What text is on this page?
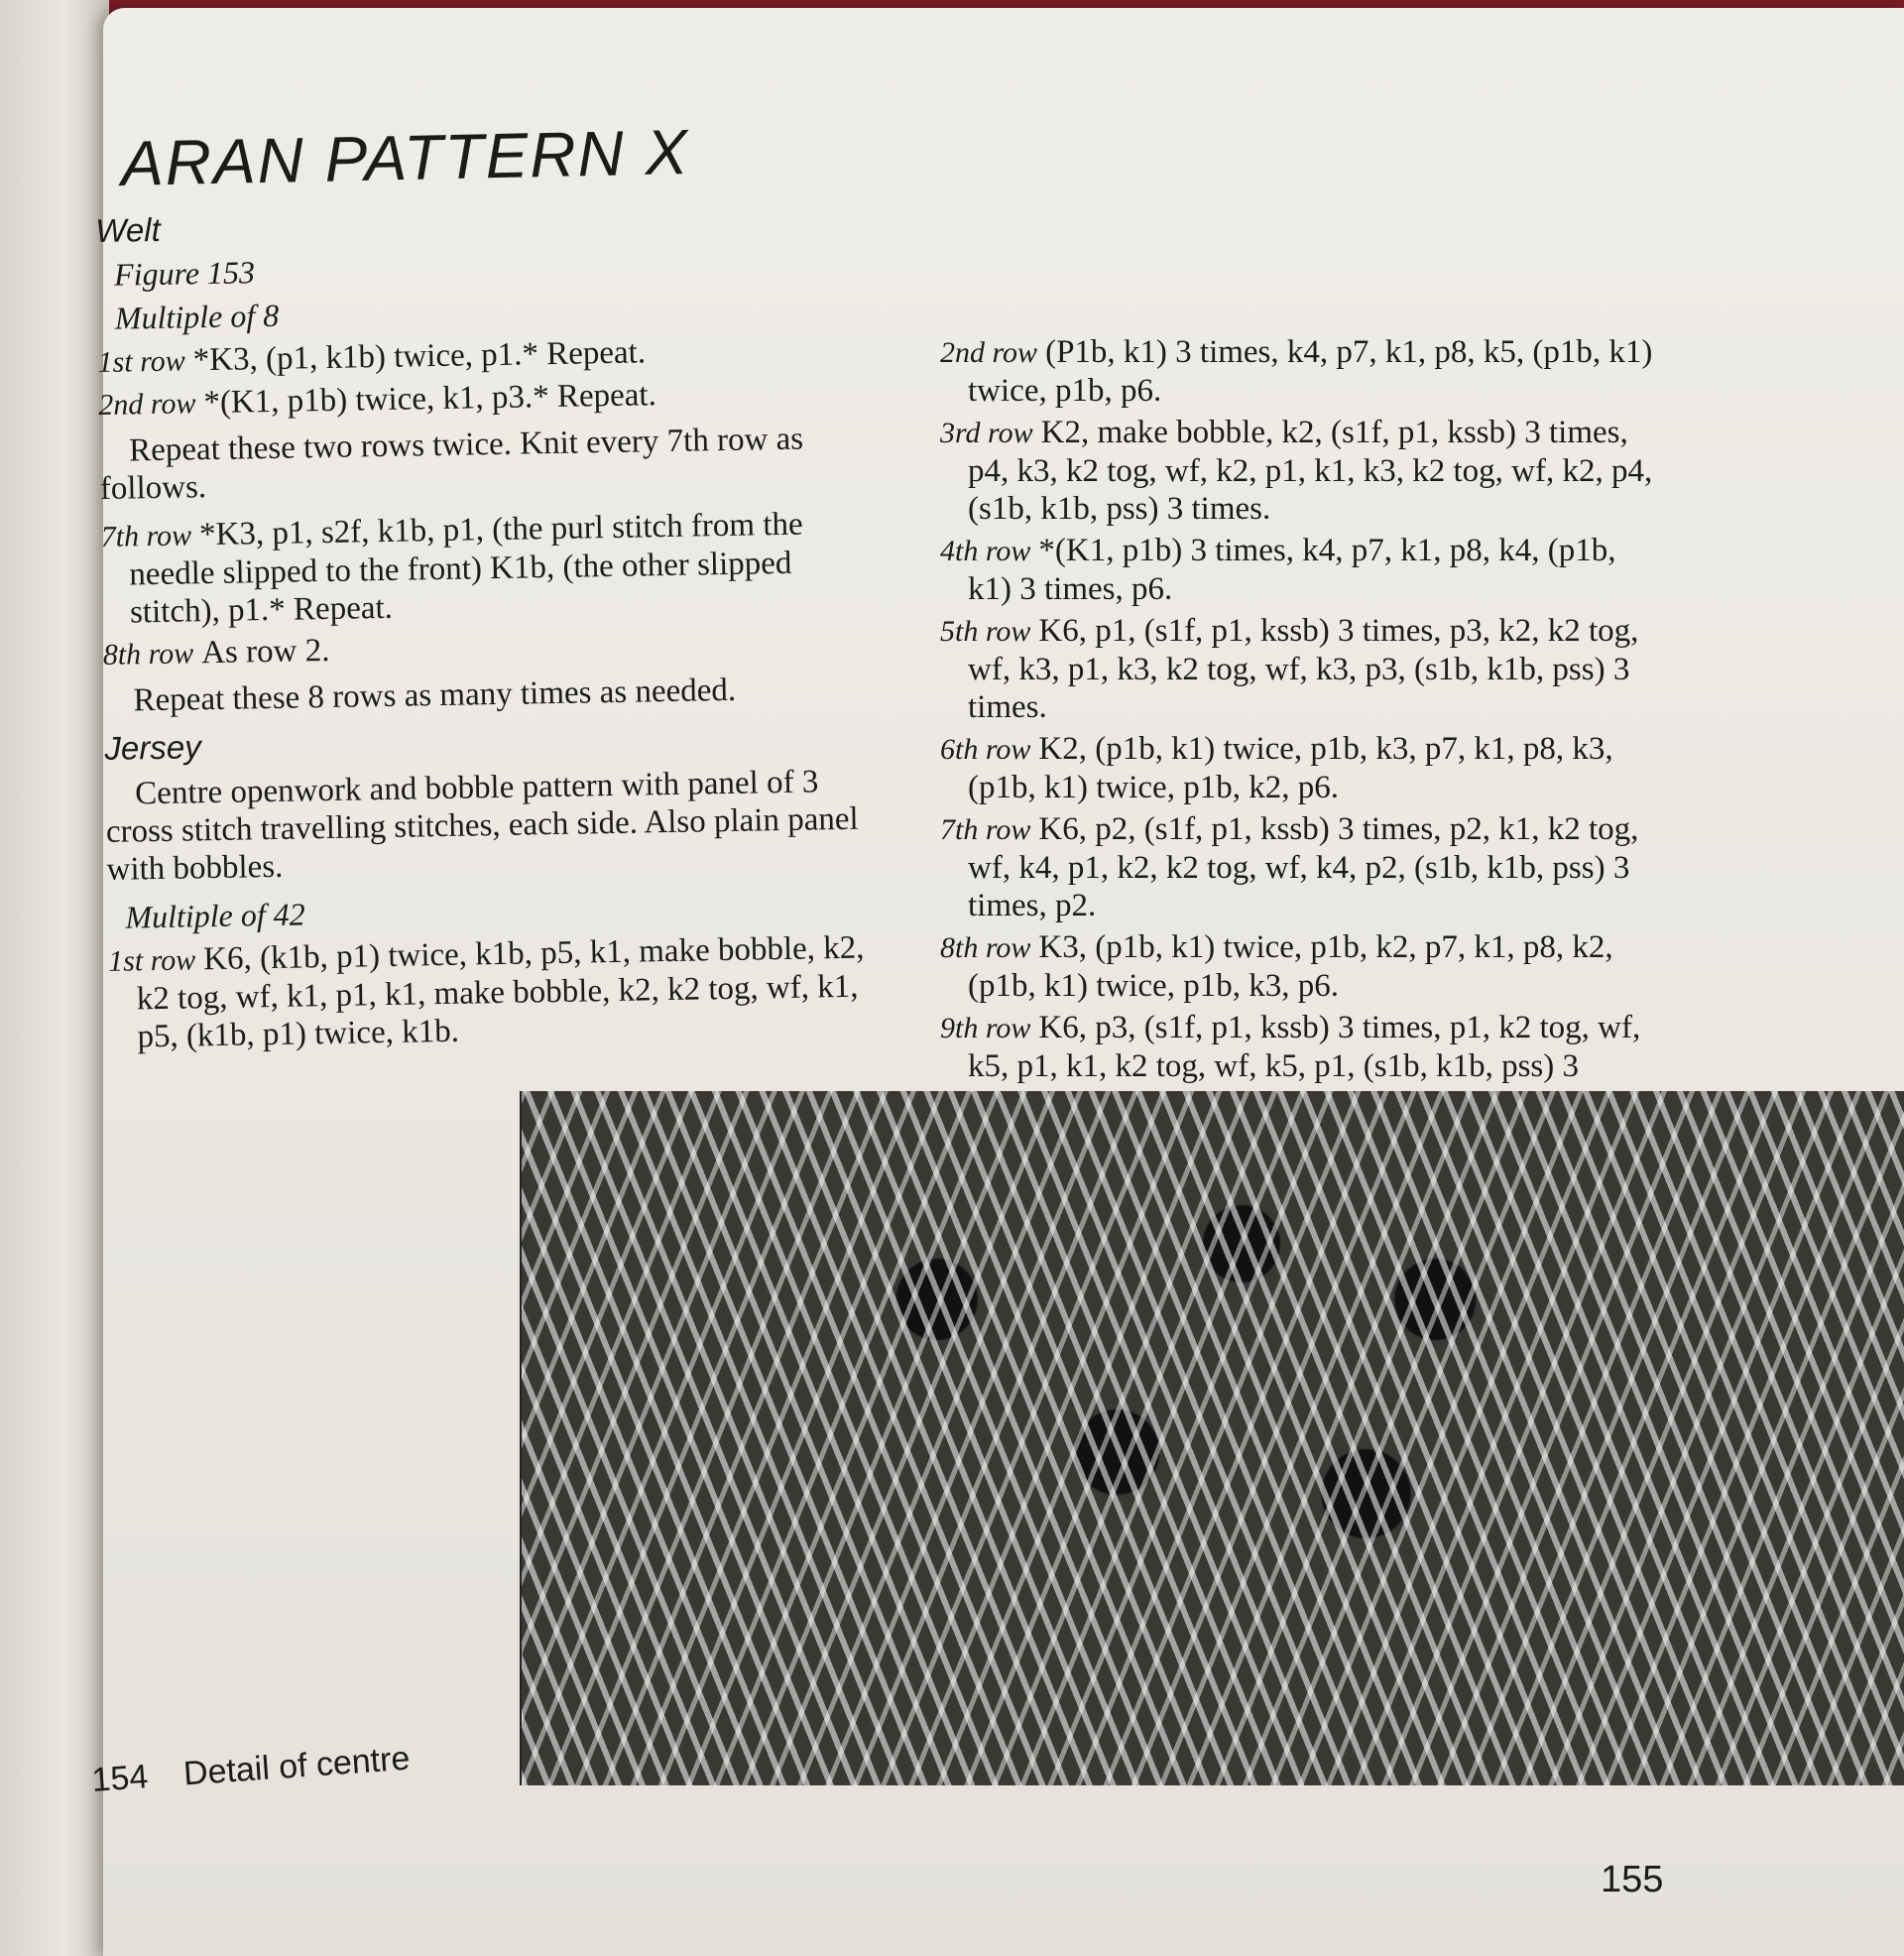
ARAN PATTERN X
Welt
Figure 153
Multiple of 8
1st row *K3, (p1, k1b) twice, p1.* Repeat.
2nd row *(K1, p1b) twice, k1, p3.* Repeat.
Repeat these two rows twice. Knit every 7th row as follows.
7th row *K3, p1, s2f, k1b, p1, (the purl stitch from the needle slipped to the front) K1b, (the other slipped stitch), p1.* Repeat.
8th row As row 2.
Repeat these 8 rows as many times as needed.
Jersey
Centre openwork and bobble pattern with panel of 3 cross stitch travelling stitches, each side. Also plain panel with bobbles.
Multiple of 42
1st row K6, (k1b, p1) twice, k1b, p5, k1, make bobble, k2, k2 tog, wf, k1, p1, k1, make bobble, k2, k2 tog, wf, k1, p5, (k1b, p1) twice, k1b.
2nd row (P1b, k1) 3 times, k4, p7, k1, p8, k5, (p1b, k1) twice, p1b, p6.
3rd row K2, make bobble, k2, (s1f, p1, kssb) 3 times, p4, k3, k2 tog, wf, k2, p1, k1, k3, k2 tog, wf, k2, p4, (s1b, k1b, pss) 3 times.
4th row *(K1, p1b) 3 times, k4, p7, k1, p8, k4, (p1b, k1) 3 times, p6.
5th row K6, p1, (s1f, p1, kssb) 3 times, p3, k2, k2 tog, wf, k3, p1, k3, k2 tog, wf, k3, p3, (s1b, k1b, pss) 3 times.
6th row K2, (p1b, k1) twice, p1b, k3, p7, k1, p8, k3, (p1b, k1) twice, p1b, k2, p6.
7th row K6, p2, (s1f, p1, kssb) 3 times, p2, k1, k2 tog, wf, k4, p1, k2, k2 tog, wf, k4, p2, (s1b, k1b, pss) 3 times, p2.
8th row K3, (p1b, k1) twice, p1b, k2, p7, k1, p8, k2, (p1b, k1) twice, p1b, k3, p6.
9th row K6, p3, (s1f, p1, kssb) 3 times, p1, k2 tog, wf, k5, p1, k1, k2 tog, wf, k5, p1, (s1b, k1b, pss) 3
154 Detail of centre
155
